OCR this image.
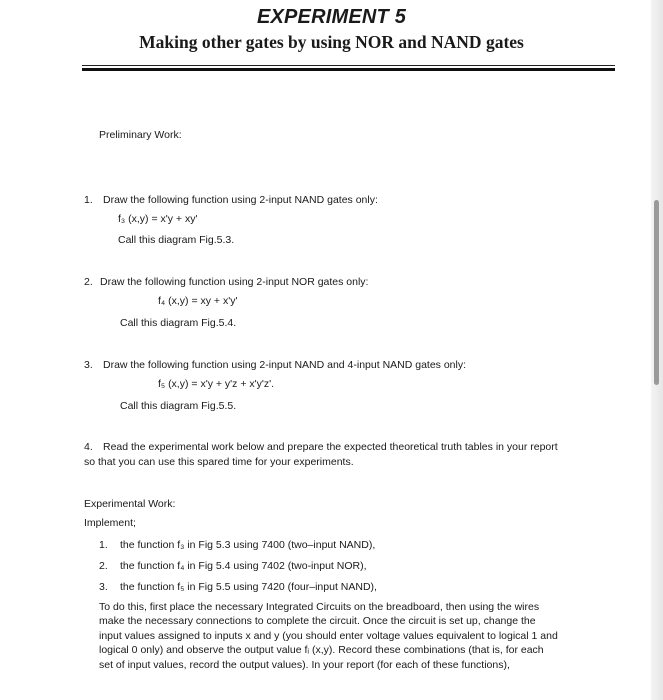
EXPERIMENT 5
Making other gates by using NOR and NAND gates
Preliminary Work:
1. Draw the following function using 2-input NAND gates only:
f₃ (x,y) = x'y + xy'
Call this diagram Fig.5.3.
2. Draw the following function using 2-input NOR gates only:
f₄ (x,y) = xy + x'y'
Call this diagram Fig.5.4.
3. Draw the following function using 2-input NAND and 4-input NAND gates only:
f₅ (x,y) = x'y + y'z + x'y'z'.
Call this diagram Fig.5.5.
4. Read the experimental work below and prepare the expected theoretical truth tables in your report
so that you can use this spared time for your experiments.
Experimental Work:
Implement;
1. the function f₃ in Fig 5.3 using 7400 (two–input NAND),
2. the function f₄ in Fig 5.4 using 7402 (two-input NOR),
3. the function f₅ in Fig 5.5 using 7420 (four–input NAND),
To do this, first place the necessary Integrated Circuits on the breadboard, then using the wires
make the necessary connections to complete the circuit. Once the circuit is set up, change the
input values assigned to inputs x and y (you should enter voltage values equivalent to logical 1 and
logical 0 only) and observe the output value fᵢ (x,y). Record these combinations (that is, for each
set of input values, record the output values). In your report (for each of these functions),
